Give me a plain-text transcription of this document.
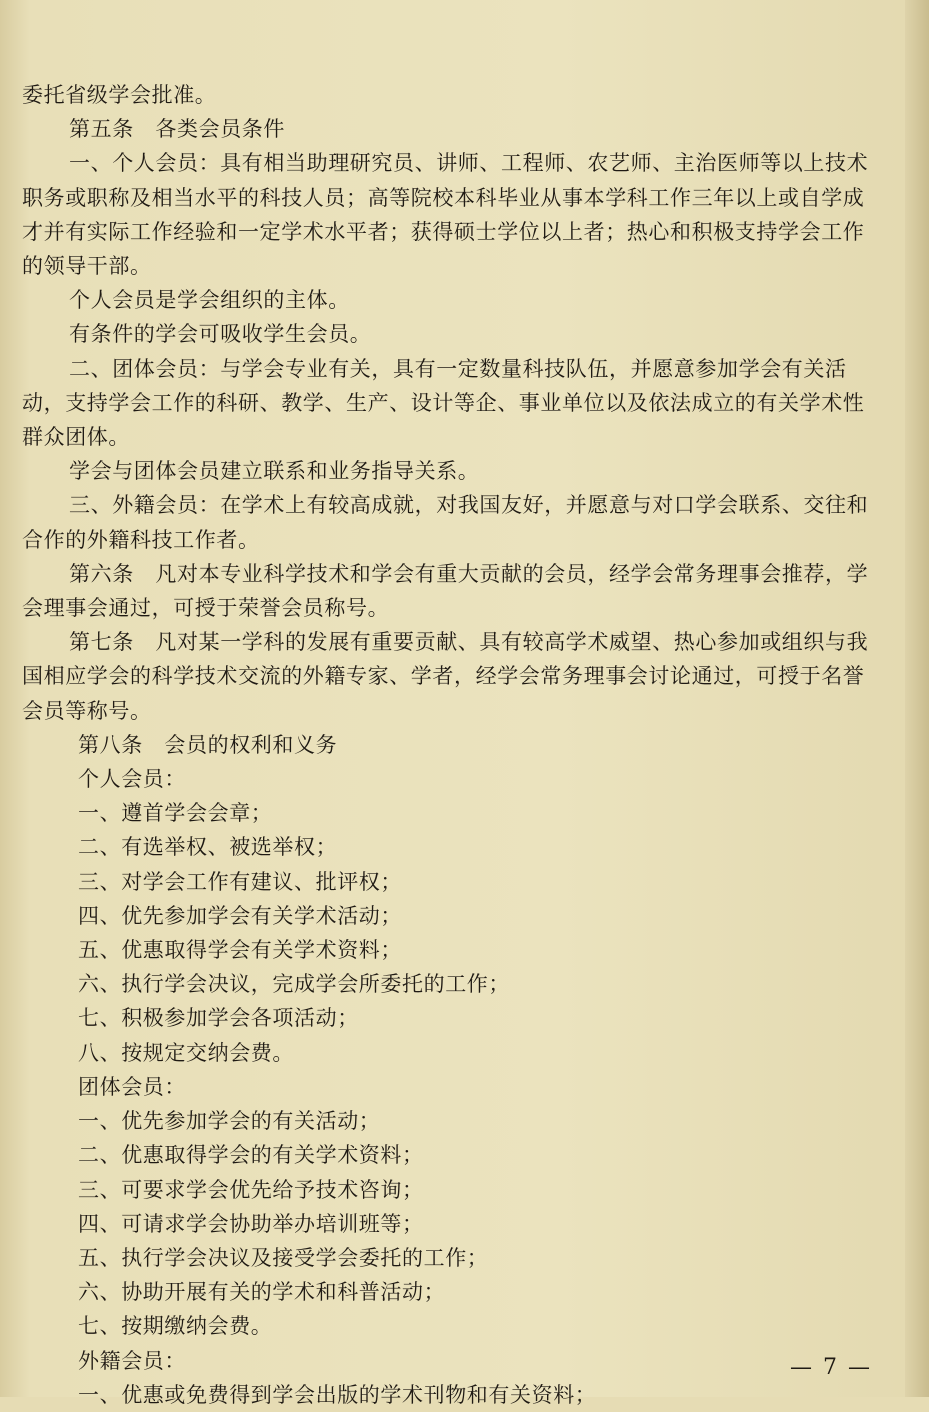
委托省级学会批准。

第五条　各类会员条件

一、个人会员：具有相当助理研究员、讲师、工程师、农艺师、主治医师等以上技术

职务或职称及相当水平的科技人员；高等院校本科毕业从事本学科工作三年以上或自学成

才并有实际工作经验和一定学术水平者；获得硕士学位以上者；热心和积极支持学会工作

的领导干部。

个人会员是学会组织的主体。

有条件的学会可吸收学生会员。

二、团体会员：与学会专业有关，具有一定数量科技队伍，并愿意参加学会有关活

动，支持学会工作的科研、教学、生产、设计等企、事业单位以及依法成立的有关学术性

群众团体。

学会与团体会员建立联系和业务指导关系。

三、外籍会员：在学术上有较高成就，对我国友好，并愿意与对口学会联系、交往和

合作的外籍科技工作者。

第六条　凡对本专业科学技术和学会有重大贡献的会员，经学会常务理事会推荐，学

会理事会通过，可授于荣誉会员称号。

第七条　凡对某一学科的发展有重要贡献、具有较高学术威望、热心参加或组织与我

国相应学会的科学技术交流的外籍专家、学者，经学会常务理事会讨论通过，可授于名誉

会员等称号。

第八条　会员的权利和义务

个人会员：

一、遵首学会会章；

二、有选举权、被选举权；

三、对学会工作有建议、批评权；

四、优先参加学会有关学术活动；

五、优惠取得学会有关学术资料；

六、执行学会决议，完成学会所委托的工作；

七、积极参加学会各项活动；

八、按规定交纳会费。

团体会员：

一、优先参加学会的有关活动；

二、优惠取得学会的有关学术资料；

三、可要求学会优先给予技术咨询；

四、可请求学会协助举办培训班等；

五、执行学会决议及接受学会委托的工作；

六、协助开展有关的学术和科普活动；

七、按期缴纳会费。

外籍会员：

一、优惠或免费得到学会出版的学术刊物和有关资料；

— 7 —
